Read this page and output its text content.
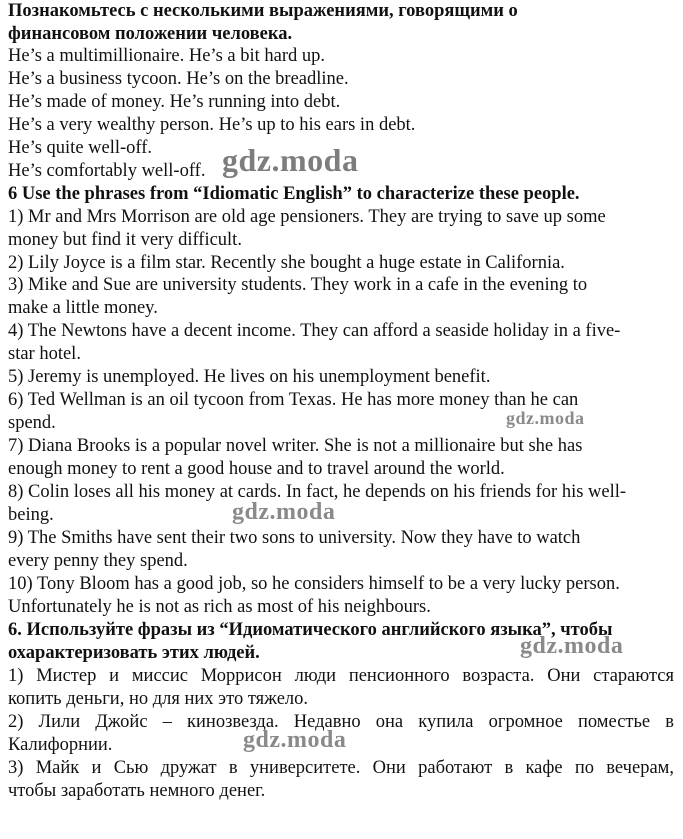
Познакомьтесь с несколькими выражениями, говорящими о
финансовом положении человека.
He’s a multimillionaire. He’s a bit hard up.
He’s a business tycoon. He’s on the breadline.
He’s made of money. He’s running into debt.
He’s a very wealthy person. He’s up to his ears in debt.
He’s quite well-off.
He’s comfortably well-off.
6 Use the phrases from “Idiomatic English” to characterize these people.
1) Mr and Mrs Morrison are old age pensioners. They are trying to save up some
money but find it very difficult.
2) Lily Joyce is a film star. Recently she bought a huge estate in California.
3) Mike and Sue are university students. They work in a cafe in the evening to
make a little money.
4) The Newtons have a decent income. They can afford a seaside holiday in a five-
star hotel.
5) Jeremy is unemployed. He lives on his unemployment benefit.
6) Ted Wellman is an oil tycoon from Texas. He has more money than he can
spend.
7) Diana Brooks is a popular novel writer. She is not a millionaire but she has
enough money to rent a good house and to travel around the world.
8) Colin loses all his money at cards. In fact, he depends on his friends for his well-
being.
9) The Smiths have sent their two sons to university. Now they have to watch
every penny they spend.
10) Tony Bloom has a good job, so he considers himself to be a very lucky person.
Unfortunately he is not as rich as most of his neighbours.
6. Используйте фразы из “Идиоматического английского языка”, чтобы
охарактеризовать этих людей.
1) Мистер и миссис Моррисон люди пенсионного возраста. Они стараются
копить деньги, но для них это тяжело.
2) Лили Джойс – кинозвезда. Недавно она купила огромное поместье в
Калифорнии.
3) Майк и Сью дружат в университете. Они работают в кафе по вечерам,
чтобы заработать немного денег.
gdz.moda
gdz.moda
gdz.moda
gdz.moda
gdz.moda
